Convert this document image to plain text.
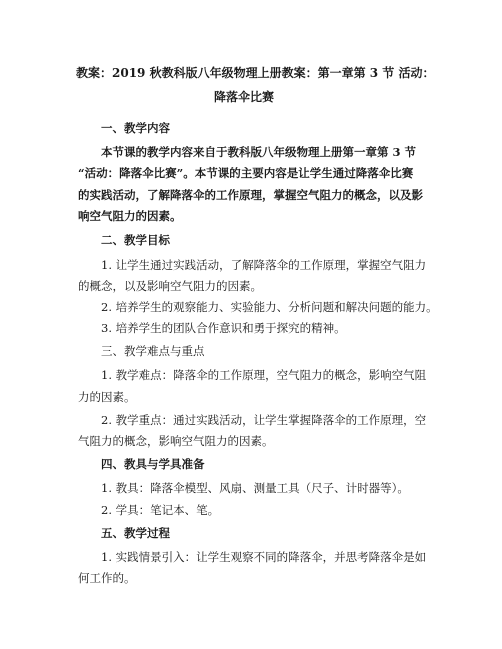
教案：2019 秋教科版八年级物理上册教案：第一章第 3 节 活动：
降落伞比赛
一、教学内容
本节课的教学内容来自于教科版八年级物理上册第一章第 3 节
“活动：降落伞比赛”。本节课的主要内容是让学生通过降落伞比赛
的实践活动，了解降落伞的工作原理，掌握空气阻力的概念，以及影
响空气阻力的因素。
二、教学目标
1. 让学生通过实践活动，了解降落伞的工作原理，掌握空气阻力
的概念，以及影响空气阻力的因素。
2. 培养学生的观察能力、实验能力、分析问题和解决问题的能力。
3. 培养学生的团队合作意识和勇于探究的精神。
三、教学难点与重点
1. 教学难点：降落伞的工作原理，空气阻力的概念，影响空气阻
力的因素。
2. 教学重点：通过实践活动，让学生掌握降落伞的工作原理，空
气阻力的概念，影响空气阻力的因素。
四、教具与学具准备
1. 教具：降落伞模型、风扇、测量工具（尺子、计时器等）。
2. 学具：笔记本、笔。
五、教学过程
1. 实践情景引入：让学生观察不同的降落伞，并思考降落伞是如
何工作的。
